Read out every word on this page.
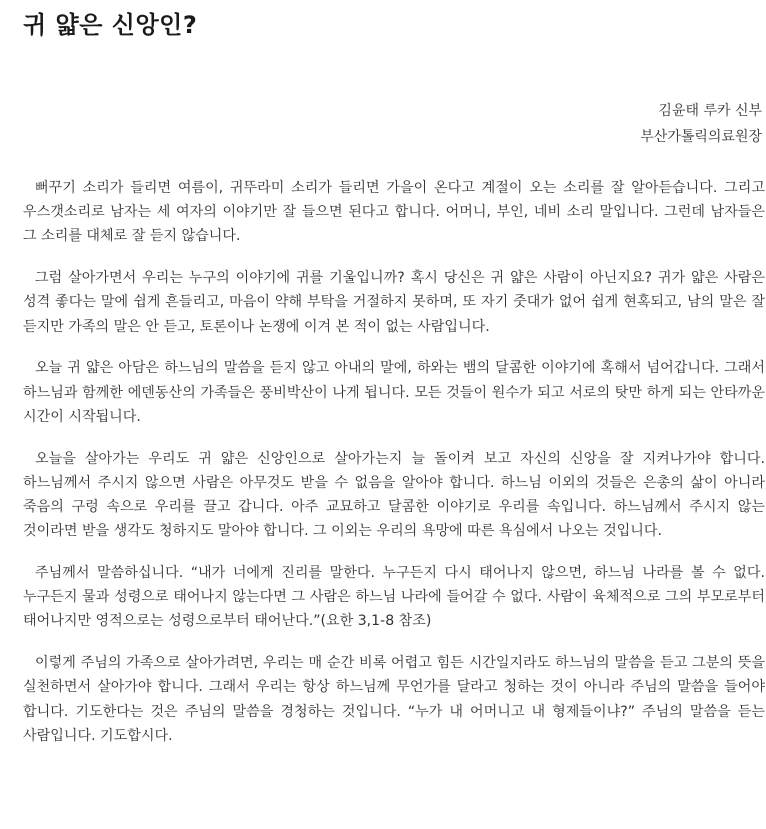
귀 얇은 신앙인?
김윤태 루카 신부
부산가톨릭의료원장

뻐꾸기 소리가 들리면 여름이, 귀뚜라미 소리가 들리면 가을이 온다고 계절이 오는 소리를 잘 알아듣습니다. 그리고 우스갯소리로 남자는 세 여자의 이야기만 잘 들으면 된다고 합니다. 어머니, 부인, 네비 소리 말입니다. 그런데 남자들은 그 소리를 대체로 잘 듣지 않습니다.

그럼 살아가면서 우리는 누구의 이야기에 귀를 기울입니까? 혹시 당신은 귀 얇은 사람이 아닌지요? 귀가 얇은 사람은 성격 좋다는 말에 쉽게 흔들리고, 마음이 약해 부탁을 거절하지 못하며, 또 자기 줏대가 없어 쉽게 현혹되고, 남의 말은 잘 듣지만 가족의 말은 안 듣고, 토론이나 논쟁에 이겨 본 적이 없는 사람입니다.

오늘 귀 얇은 아담은 하느님의 말씀을 듣지 않고 아내의 말에, 하와는 뱀의 달콤한 이야기에 혹해서 넘어갑니다. 그래서 하느님과 함께한 에덴동산의 가족들은 풍비박산이 나게 됩니다. 모든 것들이 원수가 되고 서로의 탓만 하게 되는 안타까운 시간이 시작됩니다.

오늘을 살아가는 우리도 귀 얇은 신앙인으로 살아가는지 늘 돌이켜 보고 자신의 신앙을 잘 지켜나가야 합니다. 하느님께서 주시지 않으면 사람은 아무것도 받을 수 없음을 알아야 합니다. 하느님 이외의 것들은 은총의 삶이 아니라 죽음의 구렁 속으로 우리를 끌고 갑니다. 아주 교묘하고 달콤한 이야기로 우리를 속입니다. 하느님께서 주시지 않는 것이라면 받을 생각도 청하지도 말아야 합니다. 그 이외는 우리의 욕망에 따른 욕심에서 나오는 것입니다.

주님께서 말씀하십니다. “내가 너에게 진리를 말한다. 누구든지 다시 태어나지 않으면, 하느님 나라를 볼 수 없다. 누구든지 물과 성령으로 태어나지 않는다면 그 사람은 하느님 나라에 들어갈 수 없다. 사람이 육체적으로 그의 부모로부터 태어나지만 영적으로는 성령으로부터 태어난다.”(요한 3,1-8 참조)

이렇게 주님의 가족으로 살아가려면, 우리는 매 순간 비록 어렵고 힘든 시간일지라도 하느님의 말씀을 듣고 그분의 뜻을 실천하면서 살아가야 합니다. 그래서 우리는 항상 하느님께 무언가를 달라고 청하는 것이 아니라 주님의 말씀을 들어야 합니다. 기도한다는 것은 주님의 말씀을 경청하는 것입니다. “누가 내 어머니고 내 형제들이냐?” 주님의 말씀을 듣는 사람입니다. 기도합시다.
